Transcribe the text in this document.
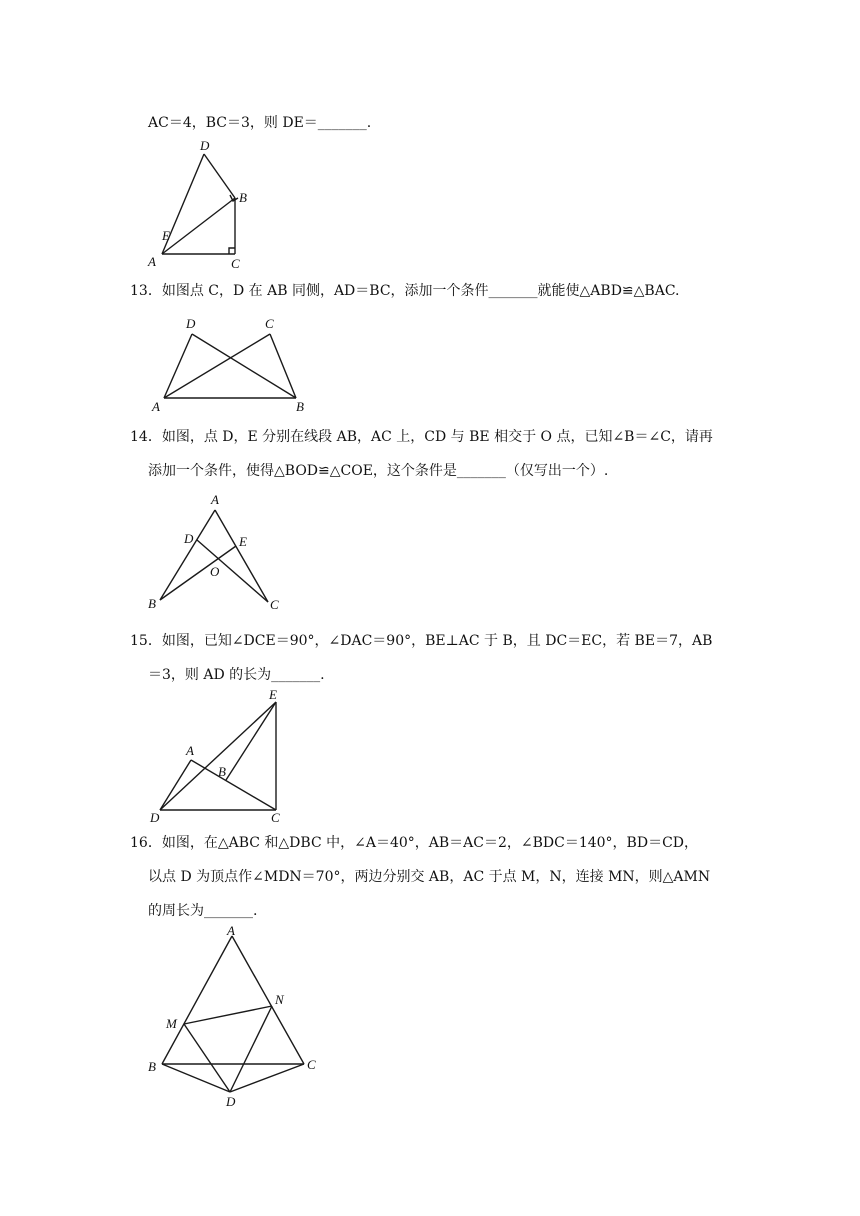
AC＝4，BC＝3，则 DE＝_______.
D
B
E
A	C
13．如图点 C，D 在 AB 同侧，AD＝BC，添加一个条件_______就能使△ABD≌△BAC.
D	C
A	B
14．如图，点 D，E 分别在线段 AB，AC 上，CD 与 BE 相交于 O 点，已知∠B＝∠C，请再
添加一个条件，使得△BOD≌△COE，这个条件是_______（仅写出一个）.
A
D	E
O
B	C
15．如图，已知∠DCE＝90°，∠DAC＝90°，BE⊥AC 于 B，且 DC＝EC，若 BE＝7，AB
＝3，则 AD 的长为_______.
E
A
B
D	C
16．如图，在△ABC 和△DBC 中，∠A＝40°，AB＝AC＝2，∠BDC＝140°，BD＝CD，
以点 D 为顶点作∠MDN＝70°，两边分别交 AB，AC 于点 M，N，连接 MN，则△AMN
的周长为_______.
A
N
M
B	C
D
